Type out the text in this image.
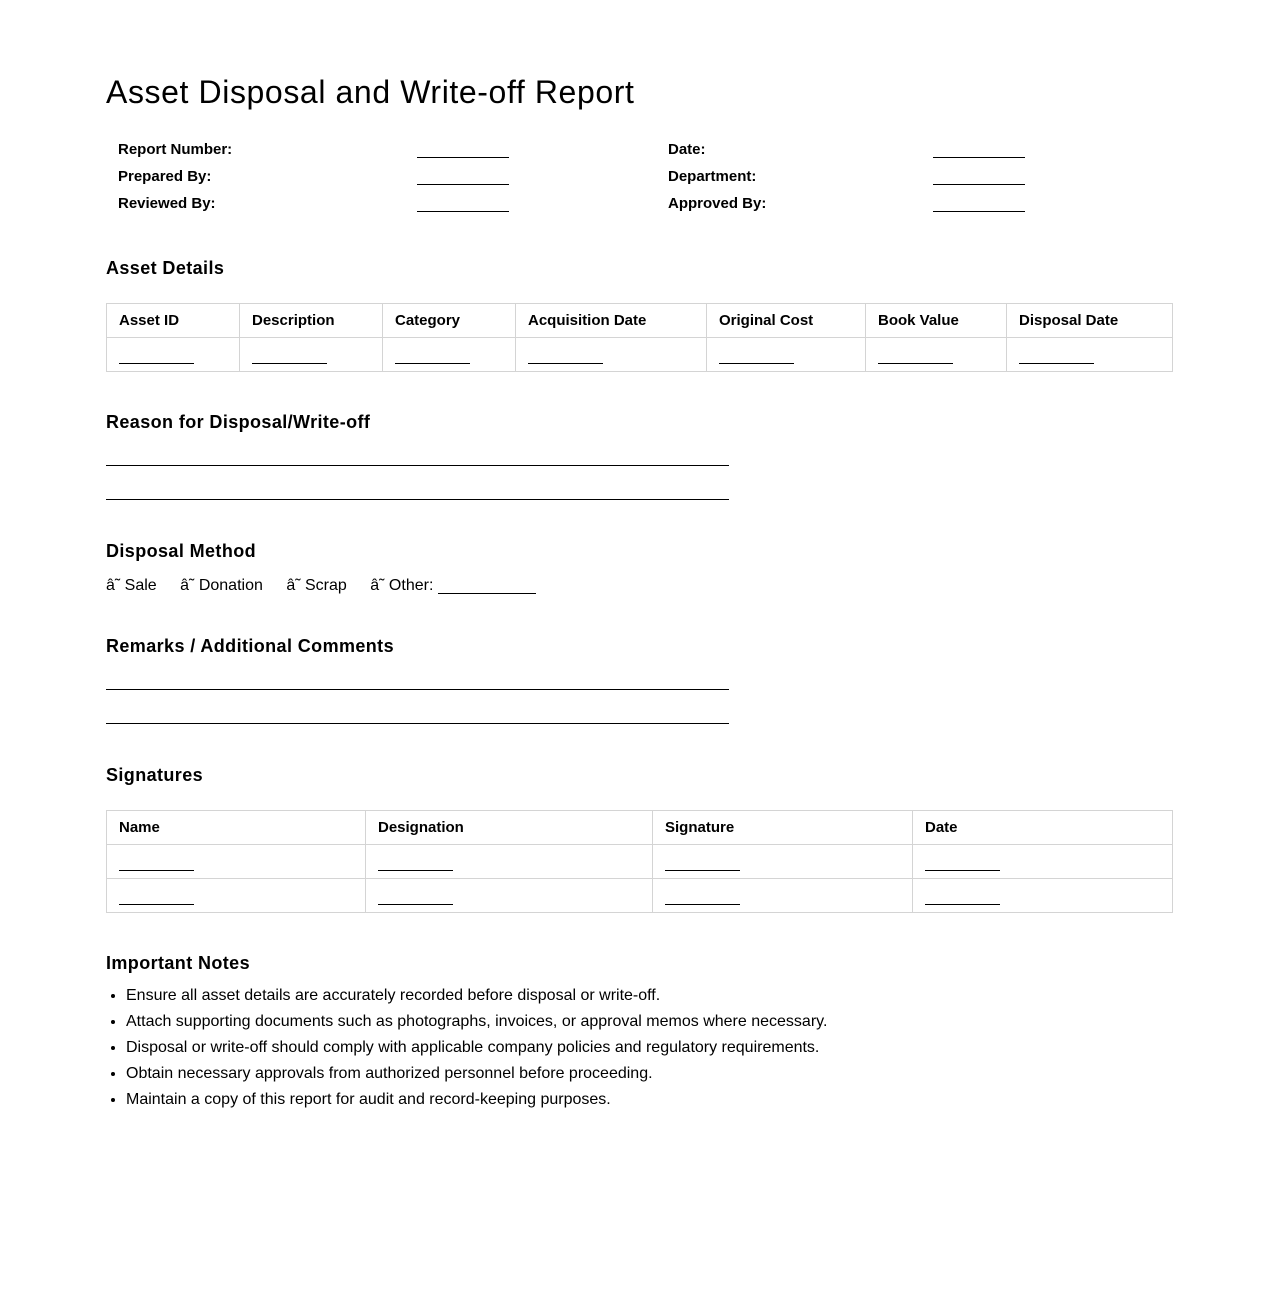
Asset Disposal and Write-off Report
Report Number:	Date:
Prepared By:	Department:
Reviewed By:	Approved By:
Asset Details
Asset ID	Description	Category	Acquisition Date	Original Cost	Book Value	Disposal Date

Reason for Disposal/Write-off
Disposal Method
â˜ Sale â˜ Donation â˜ Scrap â˜ Other:
Remarks / Additional Comments
Signatures
Name	Designation	Signature	Date

Important Notes
• Ensure all asset details are accurately recorded before disposal or write-off.
• Attach supporting documents such as photographs, invoices, or approval memos where necessary.
• Disposal or write-off should comply with applicable company policies and regulatory requirements.
• Obtain necessary approvals from authorized personnel before proceeding.
• Maintain a copy of this report for audit and record-keeping purposes.
